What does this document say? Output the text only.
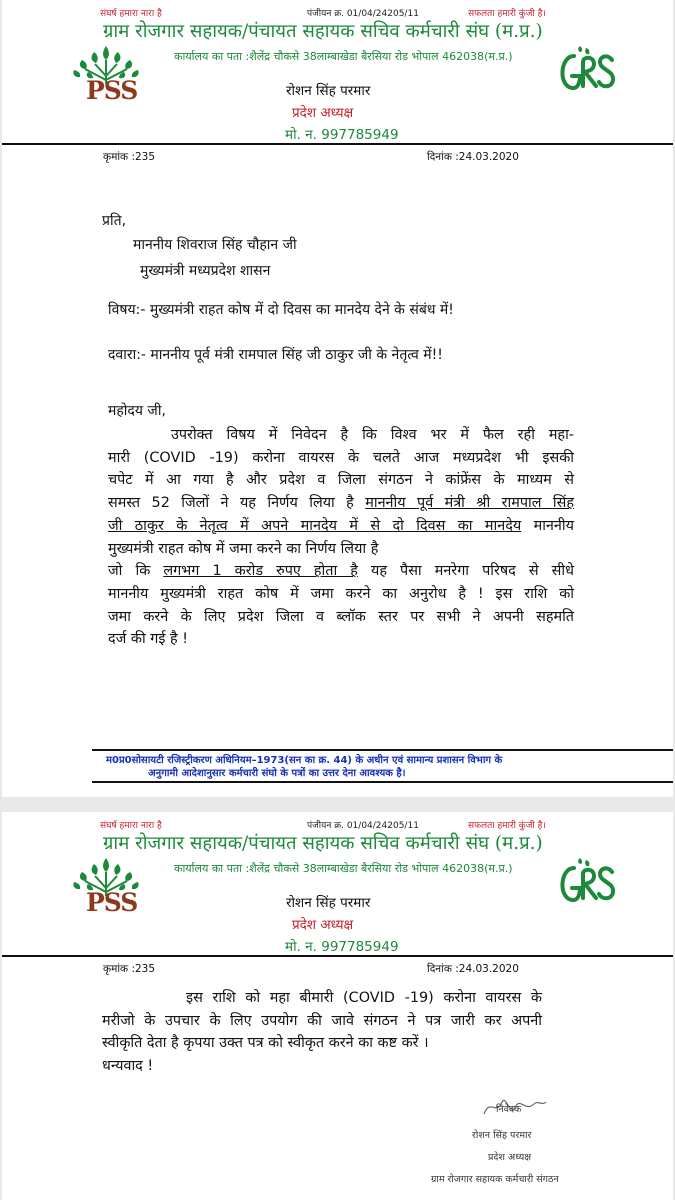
संघर्ष हमारा नारा है	पंजीयन क्र. 01/04/24205/11	सफलता हमारी कुंजी है।
ग्राम रोजगार सहायक/पंचायत सहायक सचिव कर्मचारी संघ (म.प्र.)
कार्यालय का पता :शैलेंद्र चौकसे 38लाम्बाखेडा बैरसिया रोड भोपाल 462038(म.प्र.)
PSS	रोशन सिंह परमार
प्रदेश अध्यक्ष
मो. न. 997785949
कृमांक :235	दिनांक :24.03.2020
प्रति,
माननीय शिवराज सिंह चौहान जी
मुख्यमंत्री मध्यप्रदेश शासन
विषय:- मुख्यमंत्री राहत कोष में दो दिवस का मानदेय देने के संबंध में!
दवारा:- माननीय पूर्व मंत्री रामपाल सिंह जी ठाकुर जी के नेतृत्व में!!
महोदय जी,
उपरोक्त विषय में निवेदन है कि विश्व भर में फैल रही महा-
मारी (COVID -19) करोना वायरस के चलते आज मध्यप्रदेश भी इसकी
चपेट में आ गया है और प्रदेश व जिला संगठन ने कांफ्रेंस के माध्यम से
समस्त 52 जिलों ने यह निर्णय लिया है माननीय पूर्व मंत्री श्री रामपाल सिंह
जी ठाकुर के नेतृत्व में अपने मानदेय में से दो दिवस का मानदेय माननीय
मुख्यमंत्री राहत कोष में जमा करने का निर्णय लिया है
जो कि लगभग 1 करोड रुपए होता है यह पैसा मनरेगा परिषद से सीधे
माननीय मुख्यमंत्री राहत कोष में जमा करने का अनुरोध है ! इस राशि को
जमा करने के लिए प्रदेश जिला व ब्लॉक स्तर पर सभी ने अपनी सहमति
दर्ज की गई है !
म0प्र0सोसायटी रजिस्ट्रीकरण अधिनियम–1973(सन का क्र. 44) के अधीन एवं सामान्य प्रशासन विभाग के
अनुगामी आदेशानुसार कर्मचारी संघो के पत्रों का उत्तर देना आवश्यक है।
संघर्ष हमारा नारा है	पंजीयन क्र. 01/04/24205/11	सफलता हमारी कुंजी है।
ग्राम रोजगार सहायक/पंचायत सहायक सचिव कर्मचारी संघ (म.प्र.)
कार्यालय का पता :शैलेंद्र चौकसे 38लाम्बाखेडा बैरसिया रोड भोपाल 462038(म.प्र.)
PSS	रोशन सिंह परमार
प्रदेश अध्यक्ष
मो. न. 997785949
कृमांक :235	दिनांक :24.03.2020
इस राशि को महा बीमारी (COVID -19) करोना वायरस के
मरीजो के उपचार के लिए उपयोग की जावे संगठन ने पत्र जारी कर अपनी
स्वीकृति देता है कृपया उक्त पत्र को स्वीकृत करने का कष्ट करें ।
धन्यवाद !
निवेदक
रोशन सिंह परमार
प्रदेश अध्यक्ष
ग्राम रोजगार सहायक कर्मचारी संगठन
